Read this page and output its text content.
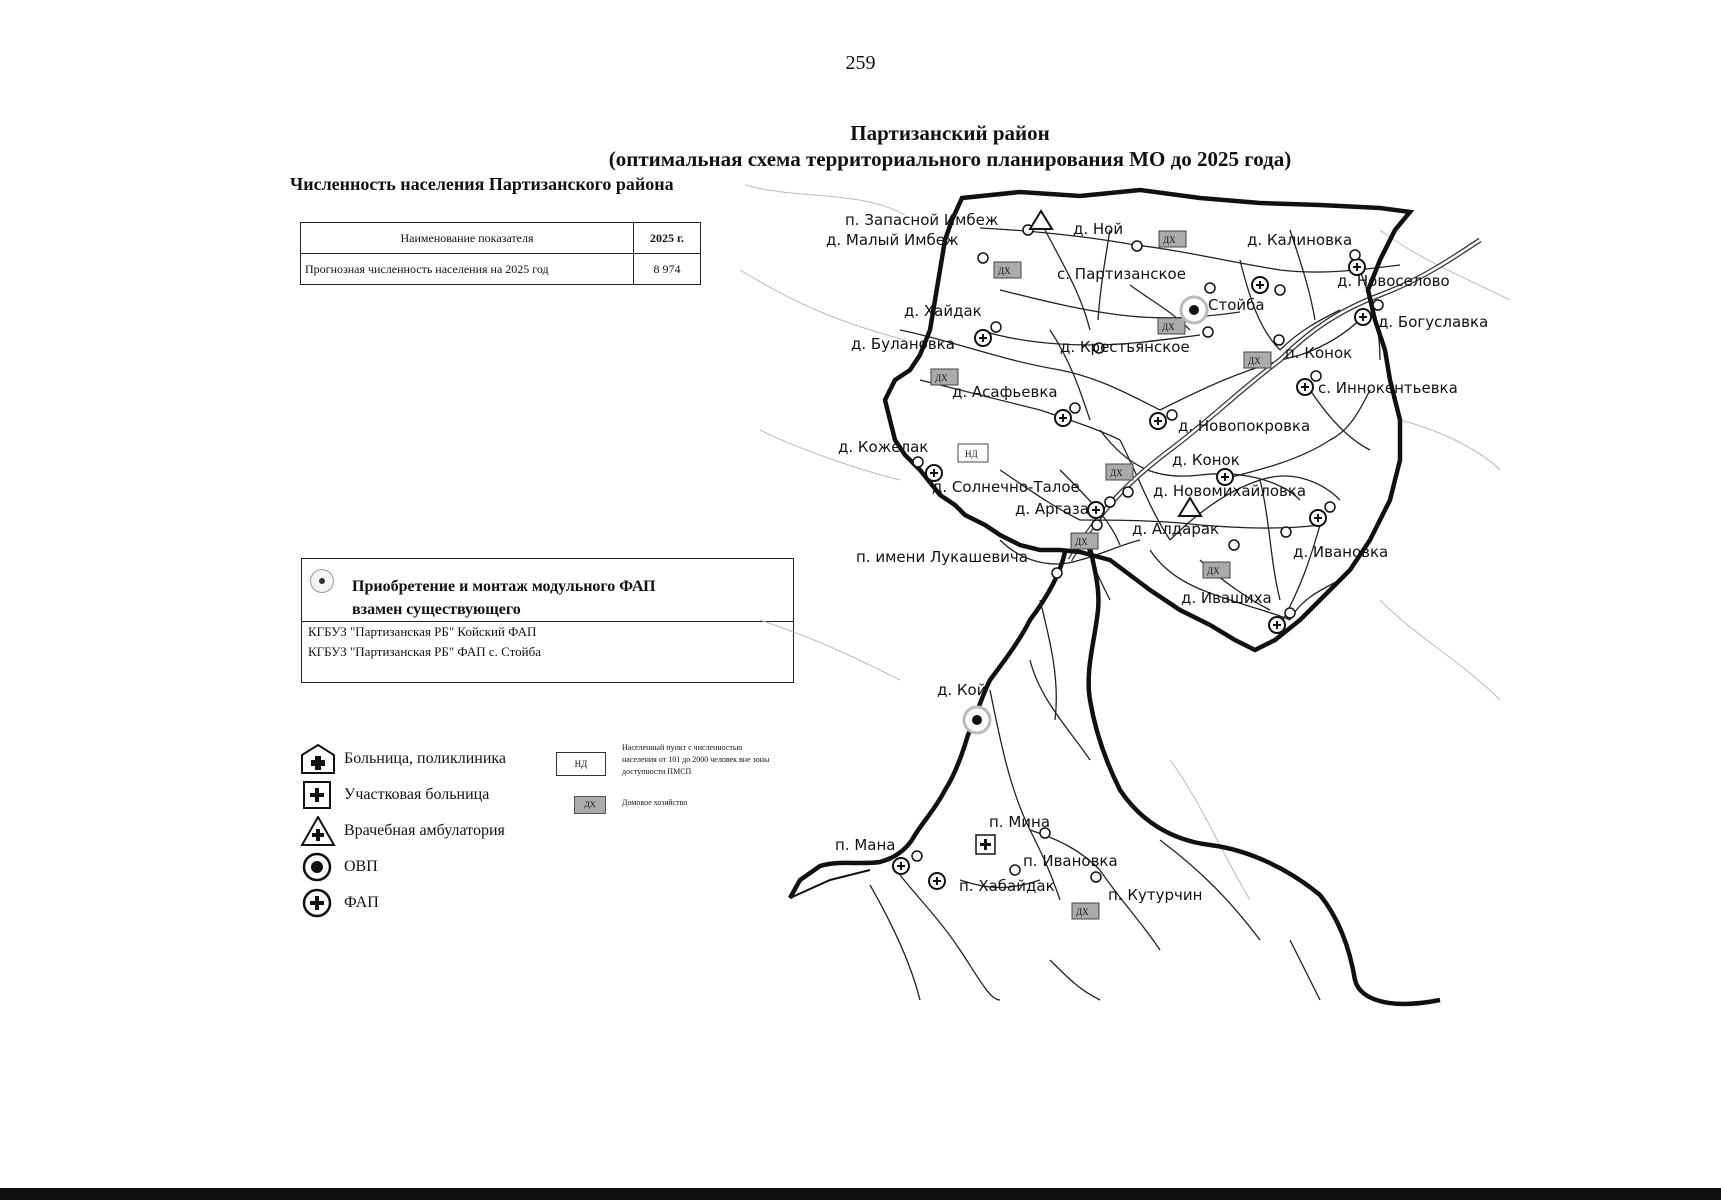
259
Партизанский район
(оптимальная схема территориального планирования МО до 2025 года)
Численность населения Партизанского района
Наименование показателя	2025 г.
Прогнозная численность населения на 2025 год	8 974
Приобретение и монтаж модульного ФАП
взамен существующего
КГБУЗ "Партизанская РБ" Койский ФАП
КГБУЗ "Партизанская РБ" ФАП с. Стойба
Больница, поликлиника
Участковая больница
Врачебная амбулатория
ОВП
ФАП
НД
Населенный пункт с численностью населения от 101 до 2000 человек вне зоны доступности ПМСП
ДХ	Домовое хозяйство
ДХ
ДХ
ДХ
ДХ
ДХ
ДХ
ДХ
ДХ
ДХ
НД
п. Запасной Имбеж
д. Малый Имбеж
д. Ной
д. Калиновка
с. Партизанское
Стойба
д. Новоселово
д. Хайдак
д. Богуславка
д. Булановка	д. Крестьянское	п. Конок
д. Асафьевка	с. Иннокентьевка
д. Новопокровка
д. Кожелак
д. Конок
д. Солнечно-Талое	д. Новомихайловка
д. Аргаза
д. Алдарак
д. Ивановка
п. имени Лукашевича
д. Ивашиха
д. Кой
п. Мина
п. Мана
п. Ивановка
п. Хабайдак	п. Кутурчин
